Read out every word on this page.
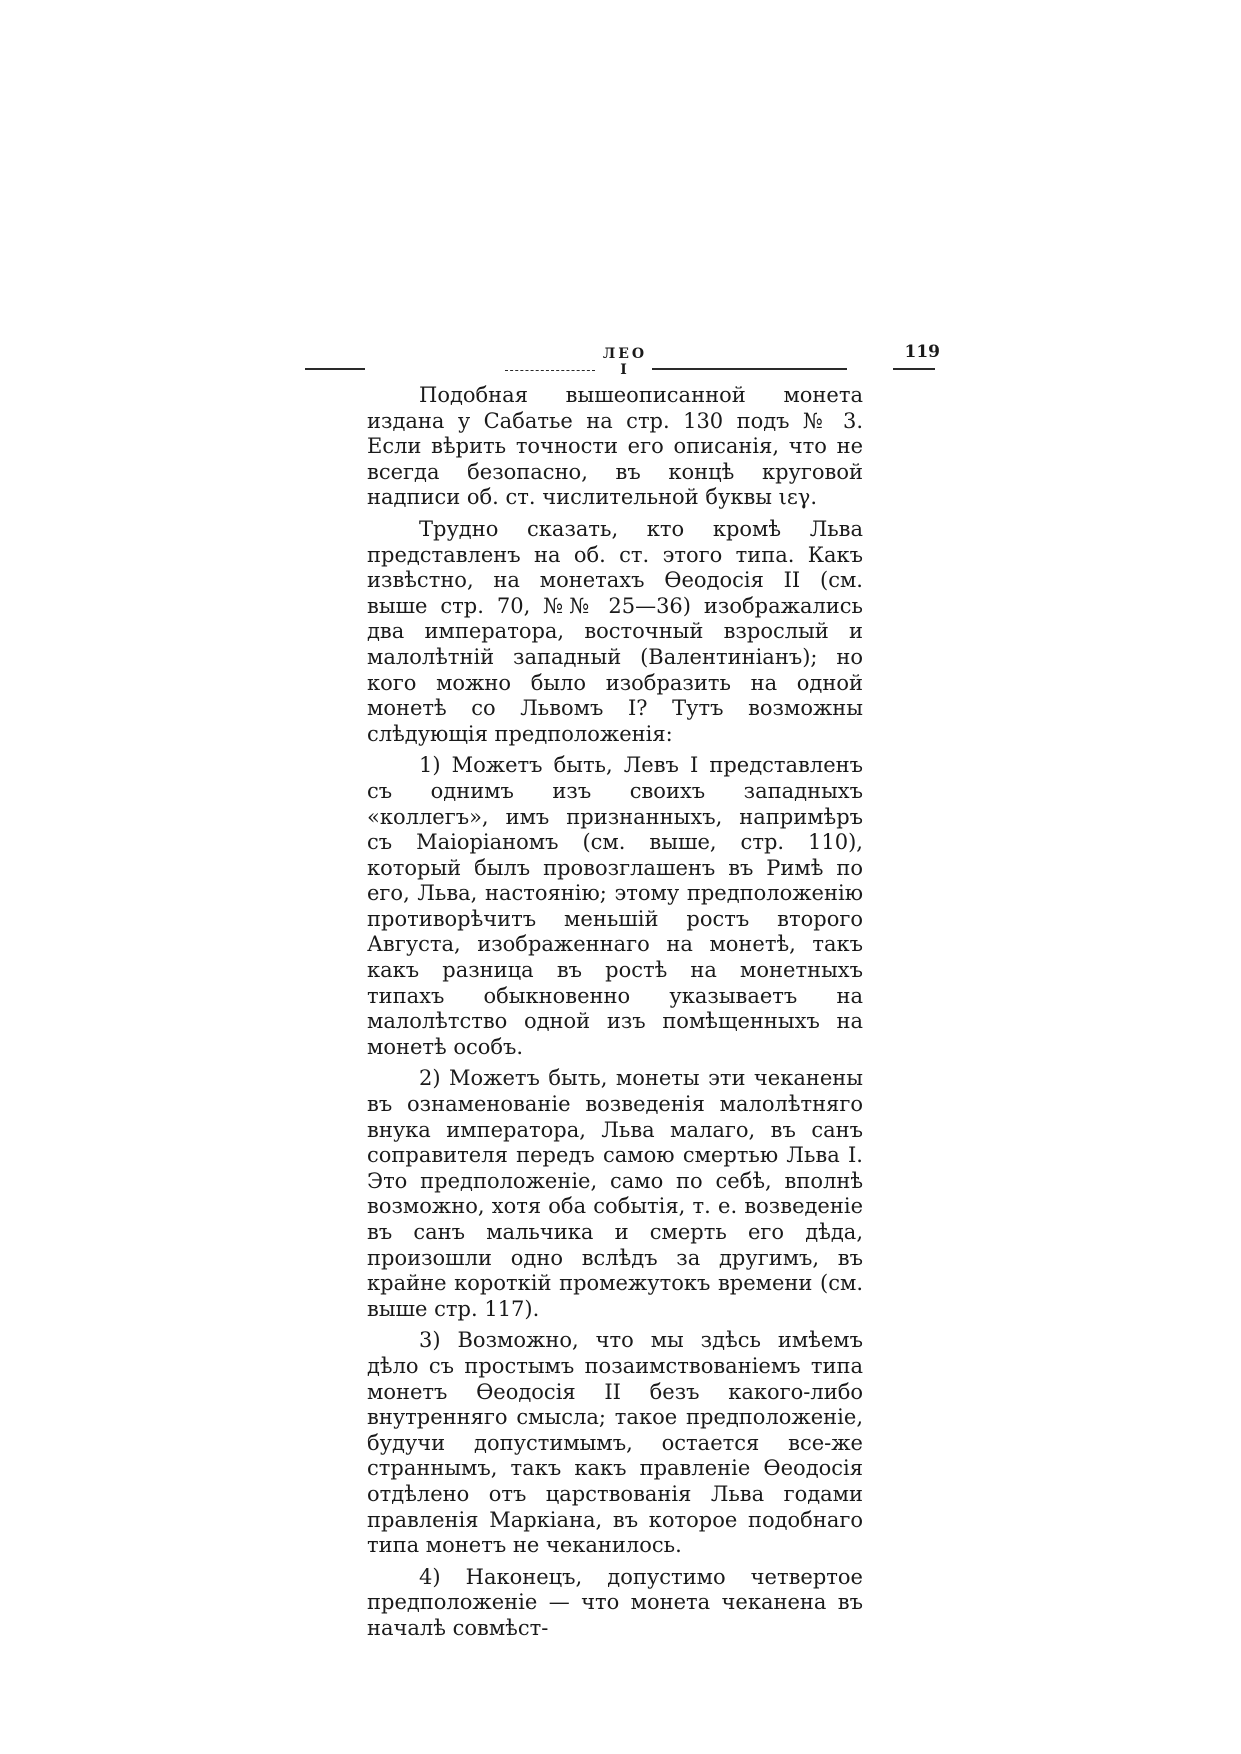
ЛЕО I
119

Подобная вышеописанной монета издана у Сабатье на стр. 130 подъ № 3. Если вѣрить точности его описанія, что не всегда безопасно, въ концѣ круговой надписи об. ст. числительной буквы ιεγ.

Трудно сказать, кто кромѣ Льва представленъ на об. ст. этого типа. Какъ извѣстно, на монетахъ Ѳеодосія II (см. выше стр. 70, №№ 25—36) изображались два императора, восточный взрослый и малолѣтній западный (Валентиніанъ); но кого можно было изобразить на одной монетѣ со Львомъ I? Тутъ возможны слѣдующія предположенія:

1) Можетъ быть, Левъ I представленъ съ однимъ изъ своихъ западныхъ «коллегъ», имъ признанныхъ, напримѣръ съ Маіоріаномъ (см. выше, стр. 110), который былъ провозглашенъ въ Римѣ по его, Льва, настоянію; этому предположенію противорѣчитъ меньшій ростъ второго Августа, изображеннаго на монетѣ, такъ какъ разница въ ростѣ на монетныхъ типахъ обыкновенно указываетъ на малолѣтство одной изъ помѣщенныхъ на монетѣ особъ.

2) Можетъ быть, монеты эти чеканены въ ознаменованіе возведенія малолѣтняго внука императора, Льва малаго, въ санъ соправителя передъ самою смертью Льва I. Это предположеніе, само по себѣ, вполнѣ возможно, хотя оба событія, т. е. возведеніе въ санъ мальчика и смерть его дѣда, произошли одно вслѣдъ за другимъ, въ крайне короткій промежутокъ времени (см. выше стр. 117).

3) Возможно, что мы здѣсь имѣемъ дѣло съ простымъ позаимствованіемъ типа монетъ Ѳеодосія II безъ какого-либо внутренняго смысла; такое предположеніе, будучи допустимымъ, остается все-же страннымъ, такъ какъ правленіе Ѳеодосія отдѣлено отъ царствованія Льва годами правленія Маркіана, въ которое подобнаго типа монетъ не чеканилось.

4) Наконецъ, допустимо четвертое предположеніе — что монета чеканена въ началѣ совмѣст-
